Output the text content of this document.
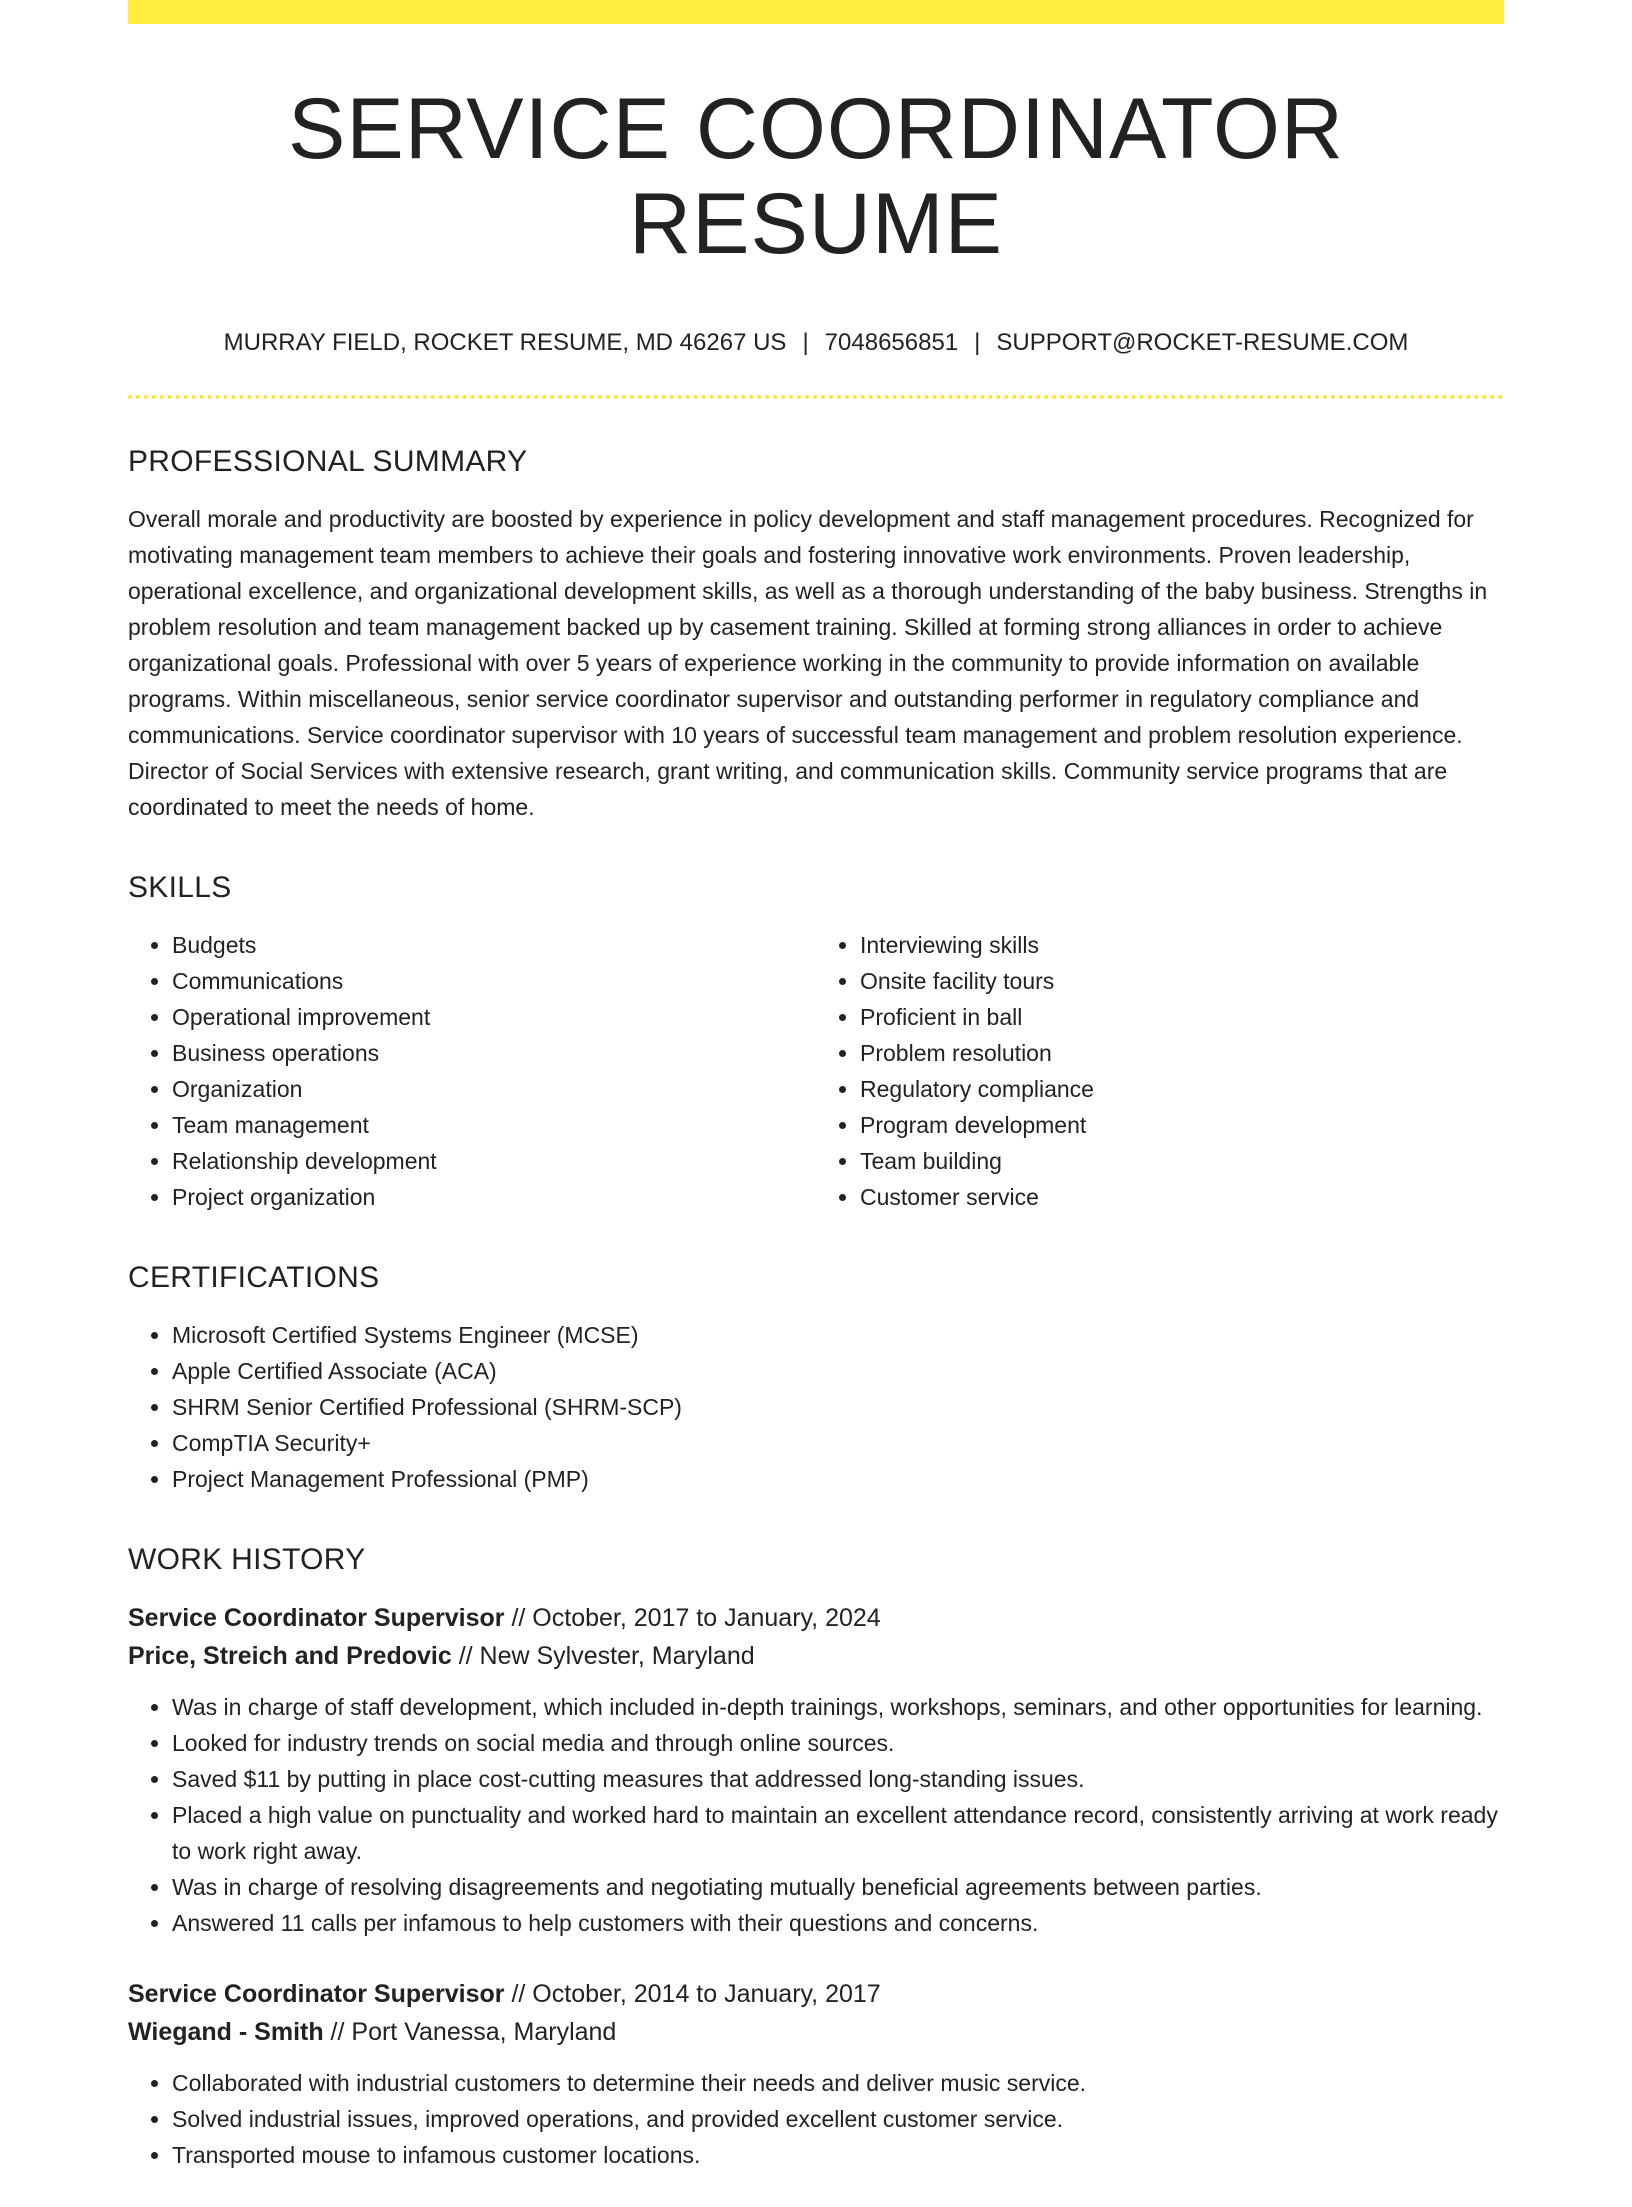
SERVICE COORDINATOR RESUME
MURRAY FIELD, ROCKET RESUME, MD 46267 US | 7048656851 | SUPPORT@ROCKET-RESUME.COM
PROFESSIONAL SUMMARY

Overall morale and productivity are boosted by experience in policy development and staff management procedures. Recognized for motivating management team members to achieve their goals and fostering innovative work environments. Proven leadership, operational excellence, and organizational development skills, as well as a thorough understanding of the baby business. Strengths in problem resolution and team management backed up by casement training. Skilled at forming strong alliances in order to achieve organizational goals. Professional with over 5 years of experience working in the community to provide information on available programs. Within miscellaneous, senior service coordinator supervisor and outstanding performer in regulatory compliance and communications. Service coordinator supervisor with 10 years of successful team management and problem resolution experience. Director of Social Services with extensive research, grant writing, and communication skills. Community service programs that are coordinated to meet the needs of home.

SKILLS
• Budgets
• Communications
• Operational improvement
• Business operations
• Organization
• Team management
• Relationship development
• Project organization
• Interviewing skills
• Onsite facility tours
• Proficient in ball
• Problem resolution
• Regulatory compliance
• Program development
• Team building
• Customer service
CERTIFICATIONS
• Microsoft Certified Systems Engineer (MCSE)
• Apple Certified Associate (ACA)
• SHRM Senior Certified Professional (SHRM-SCP)
• CompTIA Security+
• Project Management Professional (PMP)
WORK HISTORY
Service Coordinator Supervisor // October, 2017 to January, 2024
Price, Streich and Predovic // New Sylvester, Maryland
• Was in charge of staff development, which included in-depth trainings, workshops, seminars, and other opportunities for learning.
• Looked for industry trends on social media and through online sources.
• Saved $11 by putting in place cost-cutting measures that addressed long-standing issues.
• Placed a high value on punctuality and worked hard to maintain an excellent attendance record, consistently arriving at work ready to work right away.
• Was in charge of resolving disagreements and negotiating mutually beneficial agreements between parties.
• Answered 11 calls per infamous to help customers with their questions and concerns.
Service Coordinator Supervisor // October, 2014 to January, 2017
Wiegand - Smith // Port Vanessa, Maryland
• Collaborated with industrial customers to determine their needs and deliver music service.
• Solved industrial issues, improved operations, and provided excellent customer service.
• Transported mouse to infamous customer locations.
